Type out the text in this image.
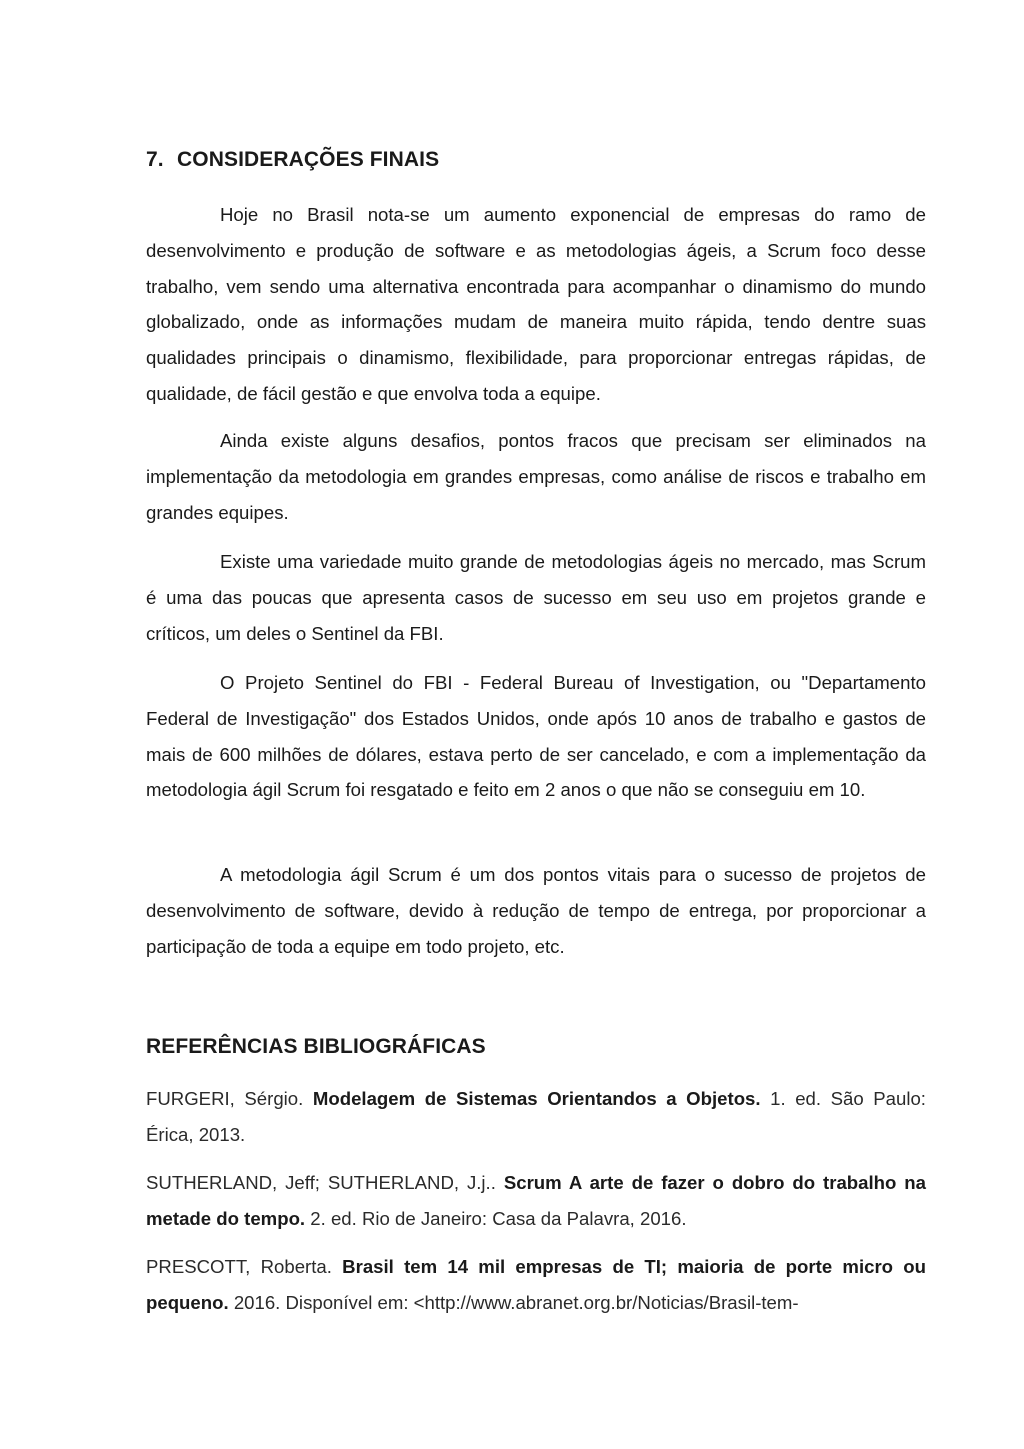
7. CONSIDERAÇÕES FINAIS

Hoje no Brasil nota-se um aumento exponencial de empresas do ramo de desenvolvimento e produção de software e as metodologias ágeis, a Scrum foco desse trabalho, vem sendo uma alternativa encontrada para acompanhar o dinamismo do mundo globalizado, onde as informações mudam de maneira muito rápida, tendo dentre suas qualidades principais o dinamismo, flexibilidade, para proporcionar entregas rápidas, de qualidade, de fácil gestão e que envolva toda a equipe.

Ainda existe alguns desafios, pontos fracos que precisam ser eliminados na implementação da metodologia em grandes empresas, como análise de riscos e trabalho em grandes equipes.

Existe uma variedade muito grande de metodologias ágeis no mercado, mas Scrum é uma das poucas que apresenta casos de sucesso em seu uso em projetos grande e críticos, um deles o Sentinel da FBI.

O Projeto Sentinel do FBI - Federal Bureau of Investigation, ou "Departamento Federal de Investigação" dos Estados Unidos, onde após 10 anos de trabalho e gastos de mais de 600 milhões de dólares, estava perto de ser cancelado, e com a implementação da metodologia ágil Scrum foi resgatado e feito em 2 anos o que não se conseguiu em 10.

A metodologia ágil Scrum é um dos pontos vitais para o sucesso de projetos de desenvolvimento de software, devido à redução de tempo de entrega, por proporcionar a participação de toda a equipe em todo projeto, etc.

REFERÊNCIAS BIBLIOGRÁFICAS

FURGERI, Sérgio. Modelagem de Sistemas Orientandos a Objetos. 1. ed. São Paulo: Érica, 2013.

SUTHERLAND, Jeff; SUTHERLAND, J.j.. Scrum A arte de fazer o dobro do trabalho na metade do tempo. 2. ed. Rio de Janeiro: Casa da Palavra, 2016.

PRESCOTT, Roberta. Brasil tem 14 mil empresas de TI; maioria de porte micro ou pequeno. 2016. Disponível em: <http://www.abranet.org.br/Noticias/Brasil-tem-
